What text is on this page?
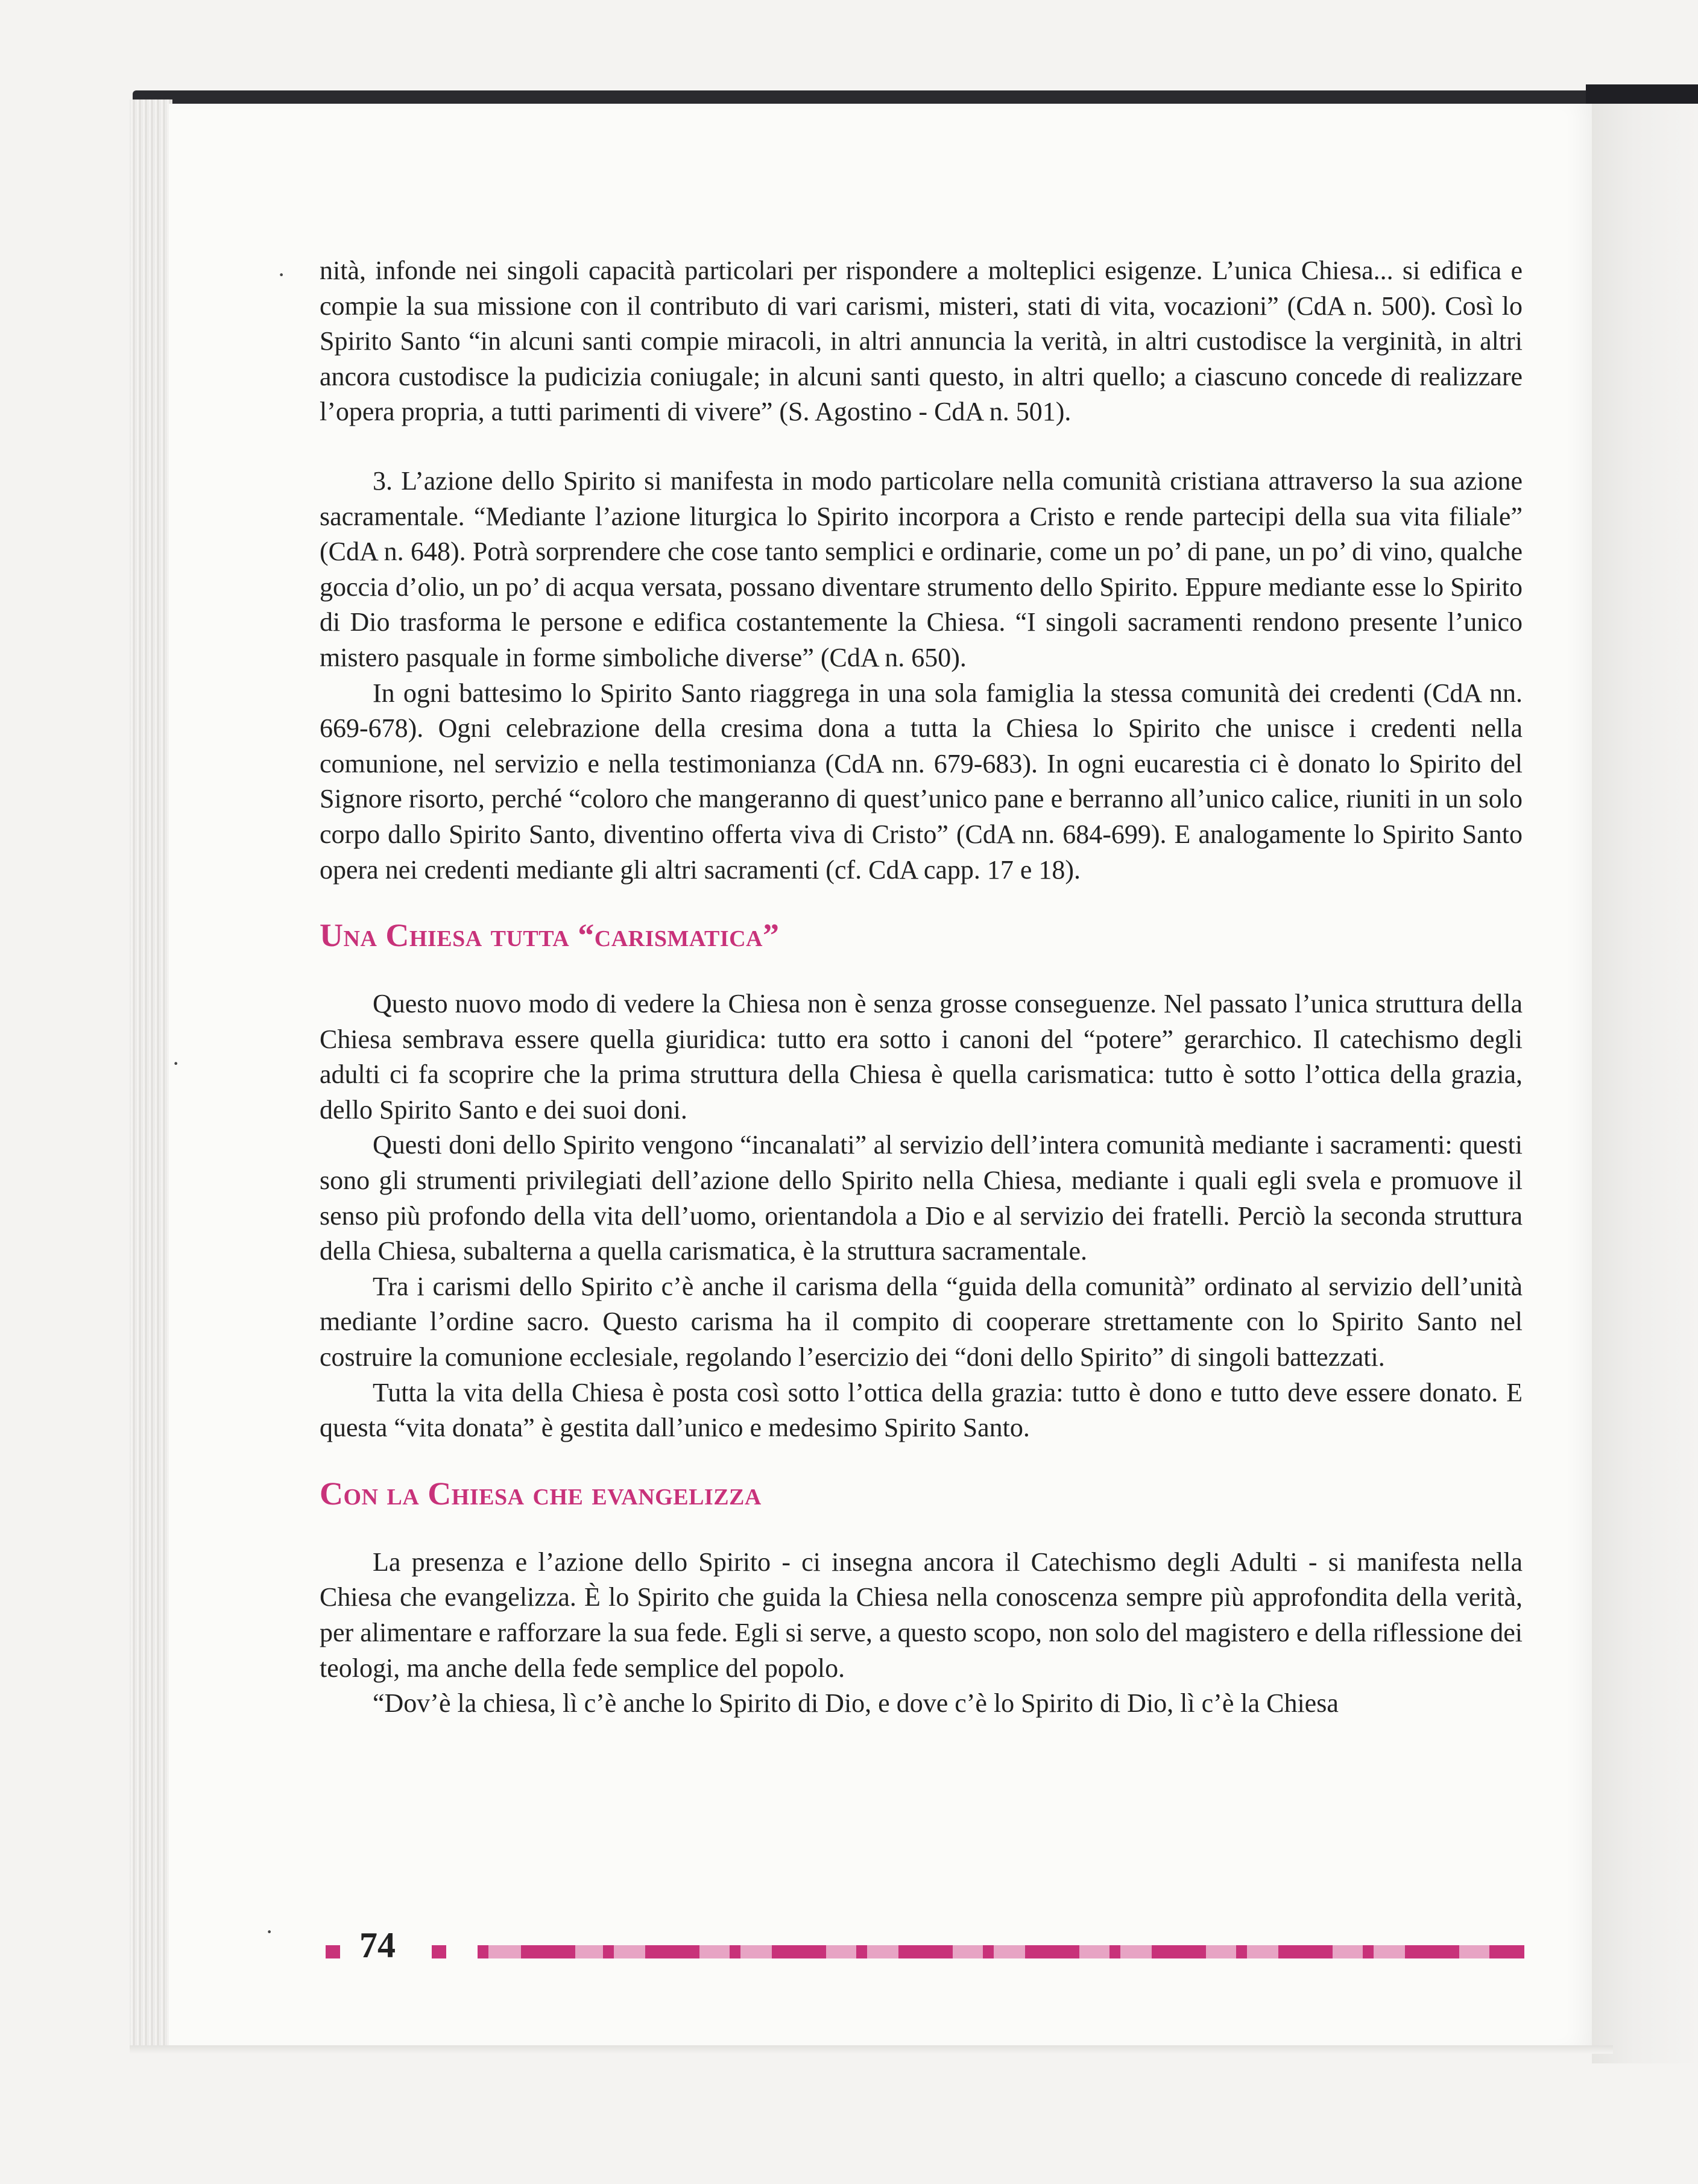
·
·
·

nità, infonde nei singoli capacità particolari per rispondere a molteplici esigenze. L’unica Chiesa... si edifica e compie la sua missione con il contributo di vari carismi, misteri, stati di vita, vocazioni” (CdA n. 500). Così lo Spirito Santo “in alcuni santi compie miracoli, in altri annuncia la verità, in altri custodisce la verginità, in altri ancora custodisce la pudicizia coniugale; in alcuni santi questo, in altri quello; a ciascuno concede di realizzare l’opera propria, a tutti parimenti di vivere” (S. Agostino - CdA n. 501).

3. L’azione dello Spirito si manifesta in modo particolare nella comunità cristiana attraverso la sua azione sacramentale. “Mediante l’azione liturgica lo Spirito incorpora a Cristo e rende partecipi della sua vita filiale” (CdA n. 648). Potrà sorprendere che cose tanto semplici e ordinarie, come un po’ di pane, un po’ di vino, qualche goccia d’olio, un po’ di acqua versata, possano diventare strumento dello Spirito. Eppure mediante esse lo Spirito di Dio trasforma le persone e edifica costantemente la Chiesa. “I singoli sacramenti rendono presente l’unico mistero pasquale in forme simboliche diverse” (CdA n. 650).

In ogni battesimo lo Spirito Santo riaggrega in una sola famiglia la stessa comunità dei credenti (CdA nn. 669-678). Ogni celebrazione della cresima dona a tutta la Chiesa lo Spirito che unisce i credenti nella comunione, nel servizio e nella testimonianza (CdA nn. 679-683). In ogni eucarestia ci è donato lo Spirito del Signore risorto, perché “coloro che mangeranno di quest’unico pane e berranno all’unico calice, riuniti in un solo corpo dallo Spirito Santo, diventino offerta viva di Cristo” (CdA nn. 684-699). E analogamente lo Spirito Santo opera nei credenti mediante gli altri sacramenti (cf. CdA capp. 17 e 18).

Una Chiesa tutta “carismatica”

Questo nuovo modo di vedere la Chiesa non è senza grosse conseguenze. Nel passato l’unica struttura della Chiesa sembrava essere quella giuridica: tutto era sotto i canoni del “potere” gerarchico. Il catechismo degli adulti ci fa scoprire che la prima struttura della Chiesa è quella carismatica: tutto è sotto l’ottica della grazia, dello Spirito Santo e dei suoi doni.

Questi doni dello Spirito vengono “incanalati” al servizio dell’intera comunità mediante i sacramenti: questi sono gli strumenti privilegiati dell’azione dello Spirito nella Chiesa, mediante i quali egli svela e promuove il senso più profondo della vita dell’uomo, orientandola a Dio e al servizio dei fratelli. Perciò la seconda struttura della Chiesa, subalterna a quella carismatica, è la struttura sacramentale.

Tra i carismi dello Spirito c’è anche il carisma della “guida della comunità” ordinato al servizio dell’unità mediante l’ordine sacro. Questo carisma ha il compito di cooperare strettamente con lo Spirito Santo nel costruire la comunione ecclesiale, regolando l’esercizio dei “doni dello Spirito” di singoli battezzati.

Tutta la vita della Chiesa è posta così sotto l’ottica della grazia: tutto è dono e tutto deve essere donato. E questa “vita donata” è gestita dall’unico e medesimo Spirito Santo.

Con la Chiesa che evangelizza

La presenza e l’azione dello Spirito - ci insegna ancora il Catechismo degli Adulti - si manifesta nella Chiesa che evangelizza. È lo Spirito che guida la Chiesa nella conoscenza sempre più approfondita della verità, per alimentare e rafforzare la sua fede. Egli si serve, a questo scopo, non solo del magistero e della riflessione dei teologi, ma anche della fede semplice del popolo.

“Dov’è la chiesa, lì c’è anche lo Spirito di Dio, e dove c’è lo Spirito di Dio, lì c’è la Chiesa

74
